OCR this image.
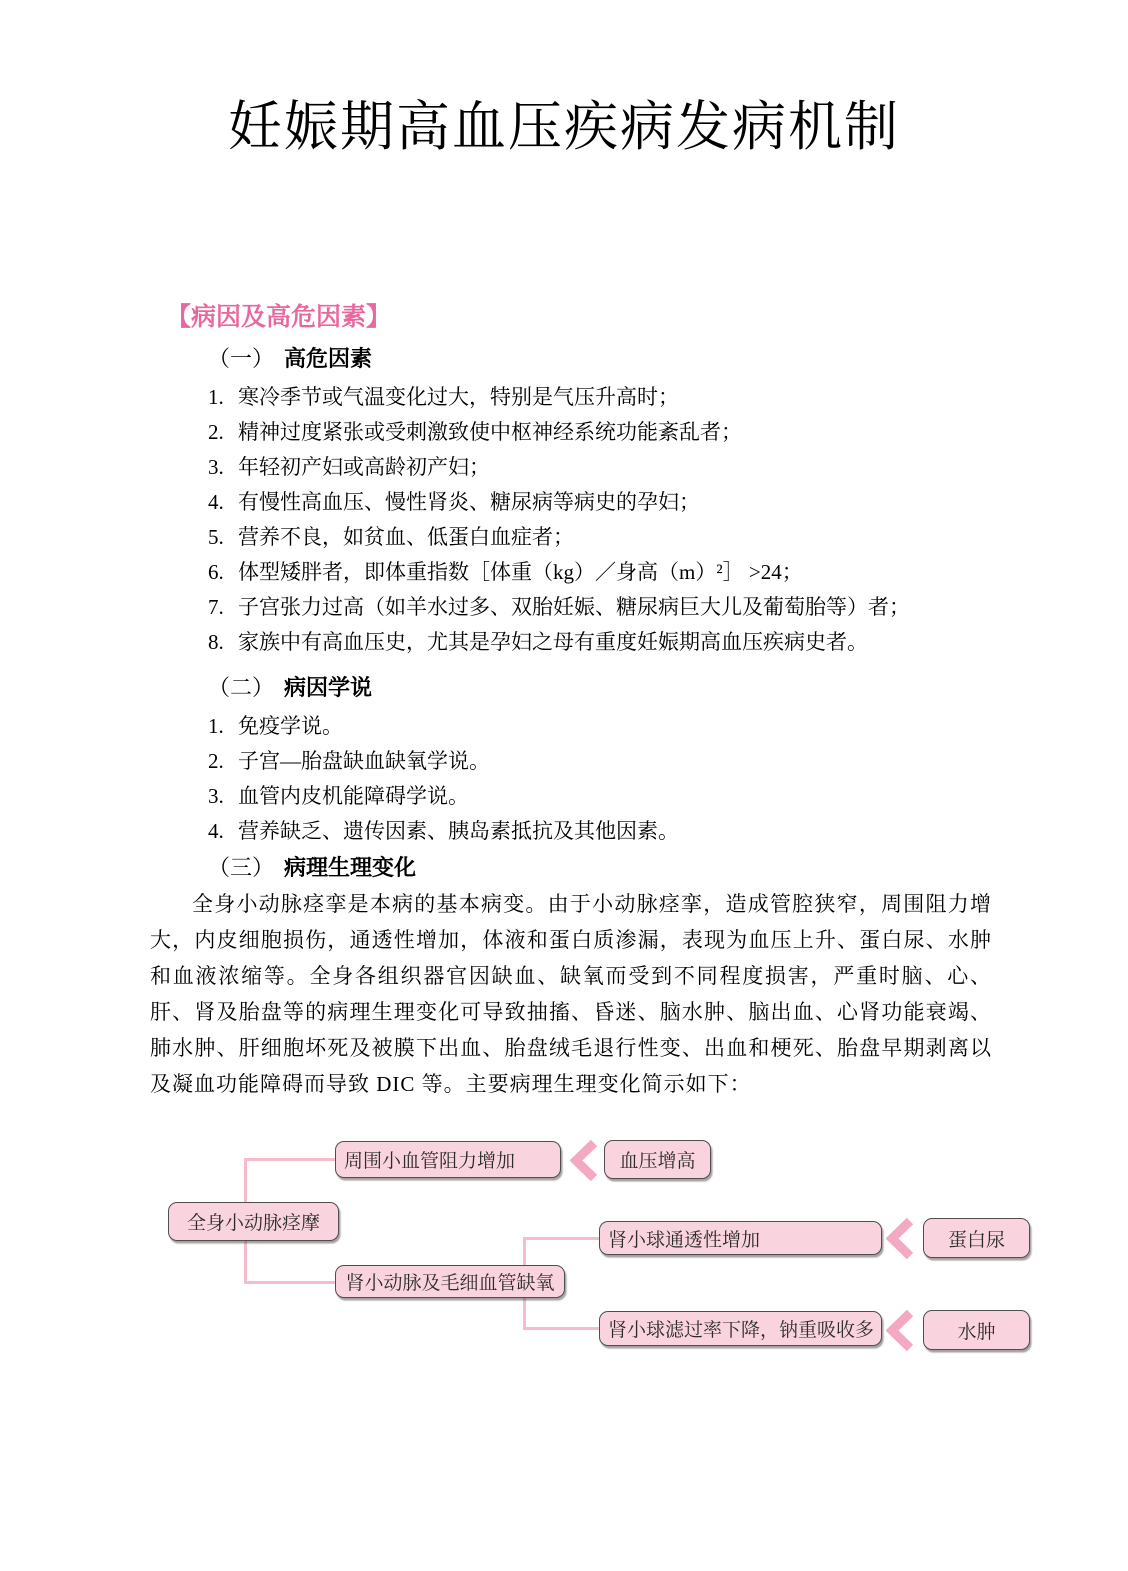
妊娠期高血压疾病发病机制
【病因及高危因素】
（一） 高危因素
1. 寒冷季节或气温变化过大，特别是气压升高时；
2. 精神过度紧张或受刺激致使中枢神经系统功能紊乱者；
3. 年轻初产妇或高龄初产妇；
4. 有慢性高血压、慢性肾炎、糖尿病等病史的孕妇；
5. 营养不良，如贫血、低蛋白血症者；
6. 体型矮胖者，即体重指数［体重（kg）／身高（m）²］ >24；
7. 子宫张力过高（如羊水过多、双胎妊娠、糖尿病巨大儿及葡萄胎等）者；
8. 家族中有高血压史，尤其是孕妇之母有重度妊娠期高血压疾病史者。
（二） 病因学说
1. 免疫学说。
2. 子宫—胎盘缺血缺氧学说。
3. 血管内皮机能障碍学说。
4. 营养缺乏、遗传因素、胰岛素抵抗及其他因素。
（三） 病理生理变化

全身小动脉痉挛是本病的基本病变。由于小动脉痉挛，造成管腔狭窄，周围阻力增大，内皮细胞损伤，通透性增加，体液和蛋白质渗漏，表现为血压上升、蛋白尿、水肿和血液浓缩等。全身各组织器官因缺血、缺氧而受到不同程度损害，严重时脑、心、肝、肾及胎盘等的病理生理变化可导致抽搐、昏迷、脑水肿、脑出血、心肾功能衰竭、肺水肿、肝细胞坏死及被膜下出血、胎盘绒毛退行性变、出血和梗死、胎盘早期剥离以及凝血功能障碍而导致 DIC 等。主要病理生理变化简示如下：

全身小动脉痉摩
周围小血管阻力增加	血压增高
肾小球通透性增加	蛋白尿
肾小动脉及毛细血管缺氧
肾小球滤过率下降，钠重吸收多	水肿
